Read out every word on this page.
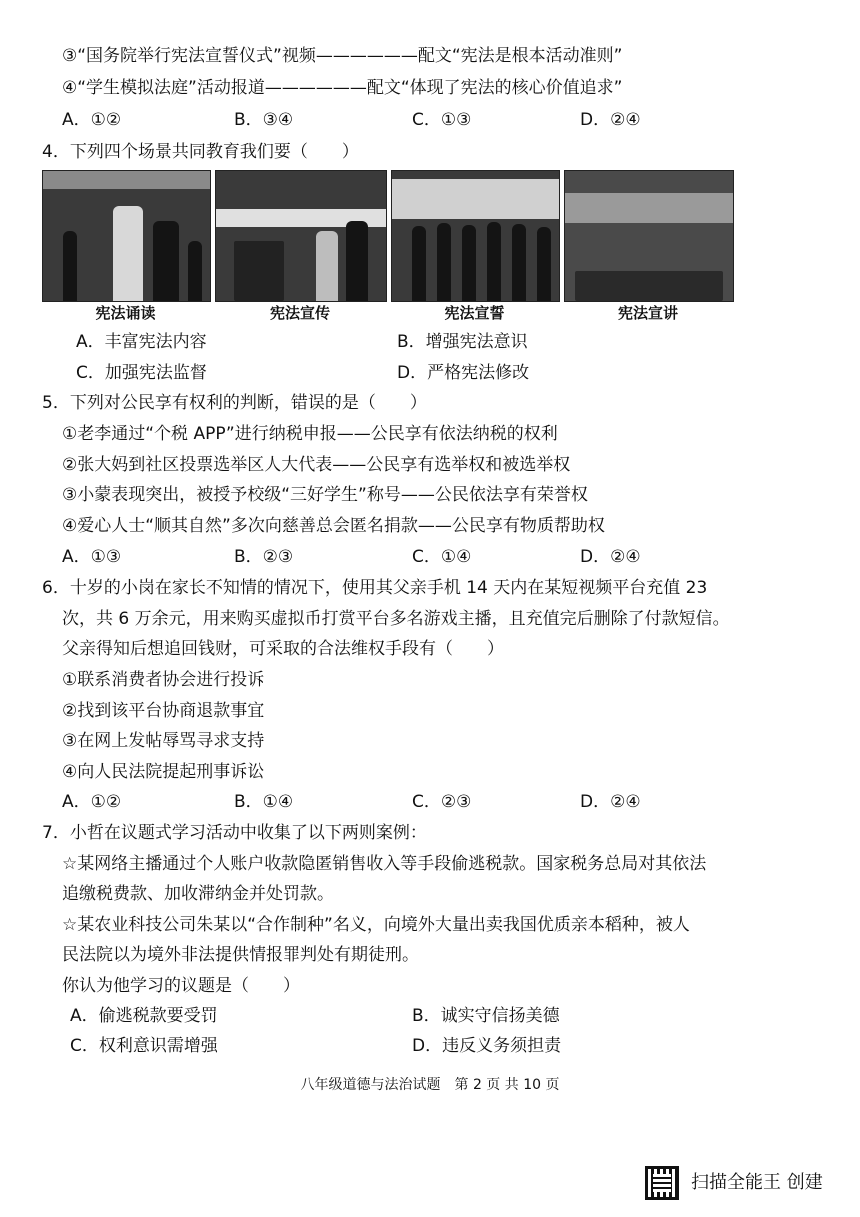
③“国务院举行宪法宣誓仪式”视频——————配文“宪法是根本活动准则”
④“学生模拟法庭”活动报道——————配文“体现了宪法的核心价值追求”
A．①②	B．③④	C．①③	D．②④
4．下列四个场景共同教育我们要（　　）
宪法诵读	宪法宣传	宪法宣誓	宪法宣讲
A．丰富宪法内容	B．增强宪法意识
C．加强宪法监督	D．严格宪法修改
5．下列对公民享有权利的判断，错误的是（　　）
①老李通过“个税 APP”进行纳税申报——公民享有依法纳税的权利
②张大妈到社区投票选举区人大代表——公民享有选举权和被选举权
③小蒙表现突出，被授予校级“三好学生”称号——公民依法享有荣誉权
④爱心人士“顺其自然”多次向慈善总会匿名捐款——公民享有物质帮助权
A．①③	B．②③	C．①④	D．②④
6．十岁的小岗在家长不知情的情况下，使用其父亲手机 14 天内在某短视频平台充值 23
次，共 6 万余元，用来购买虚拟币打赏平台多名游戏主播，且充值完后删除了付款短信。
父亲得知后想追回钱财，可采取的合法维权手段有（　　）
①联系消费者协会进行投诉
②找到该平台协商退款事宜
③在网上发帖辱骂寻求支持
④向人民法院提起刑事诉讼
A．①②	B．①④	C．②③	D．②④
7．小哲在议题式学习活动中收集了以下两则案例：
☆某网络主播通过个人账户收款隐匿销售收入等手段偷逃税款。国家税务总局对其依法
追缴税费款、加收滞纳金并处罚款。
☆某农业科技公司朱某以“合作制种”名义，向境外大量出卖我国优质亲本稻种，被人
民法院以为境外非法提供情报罪判处有期徒刑。
你认为他学习的议题是（　　）
A．偷逃税款要受罚	B．诚实守信扬美德
C．权利意识需增强	D．违反义务须担责
八年级道德与法治试题　第 2 页 共 10 页
扫描全能王 创建
